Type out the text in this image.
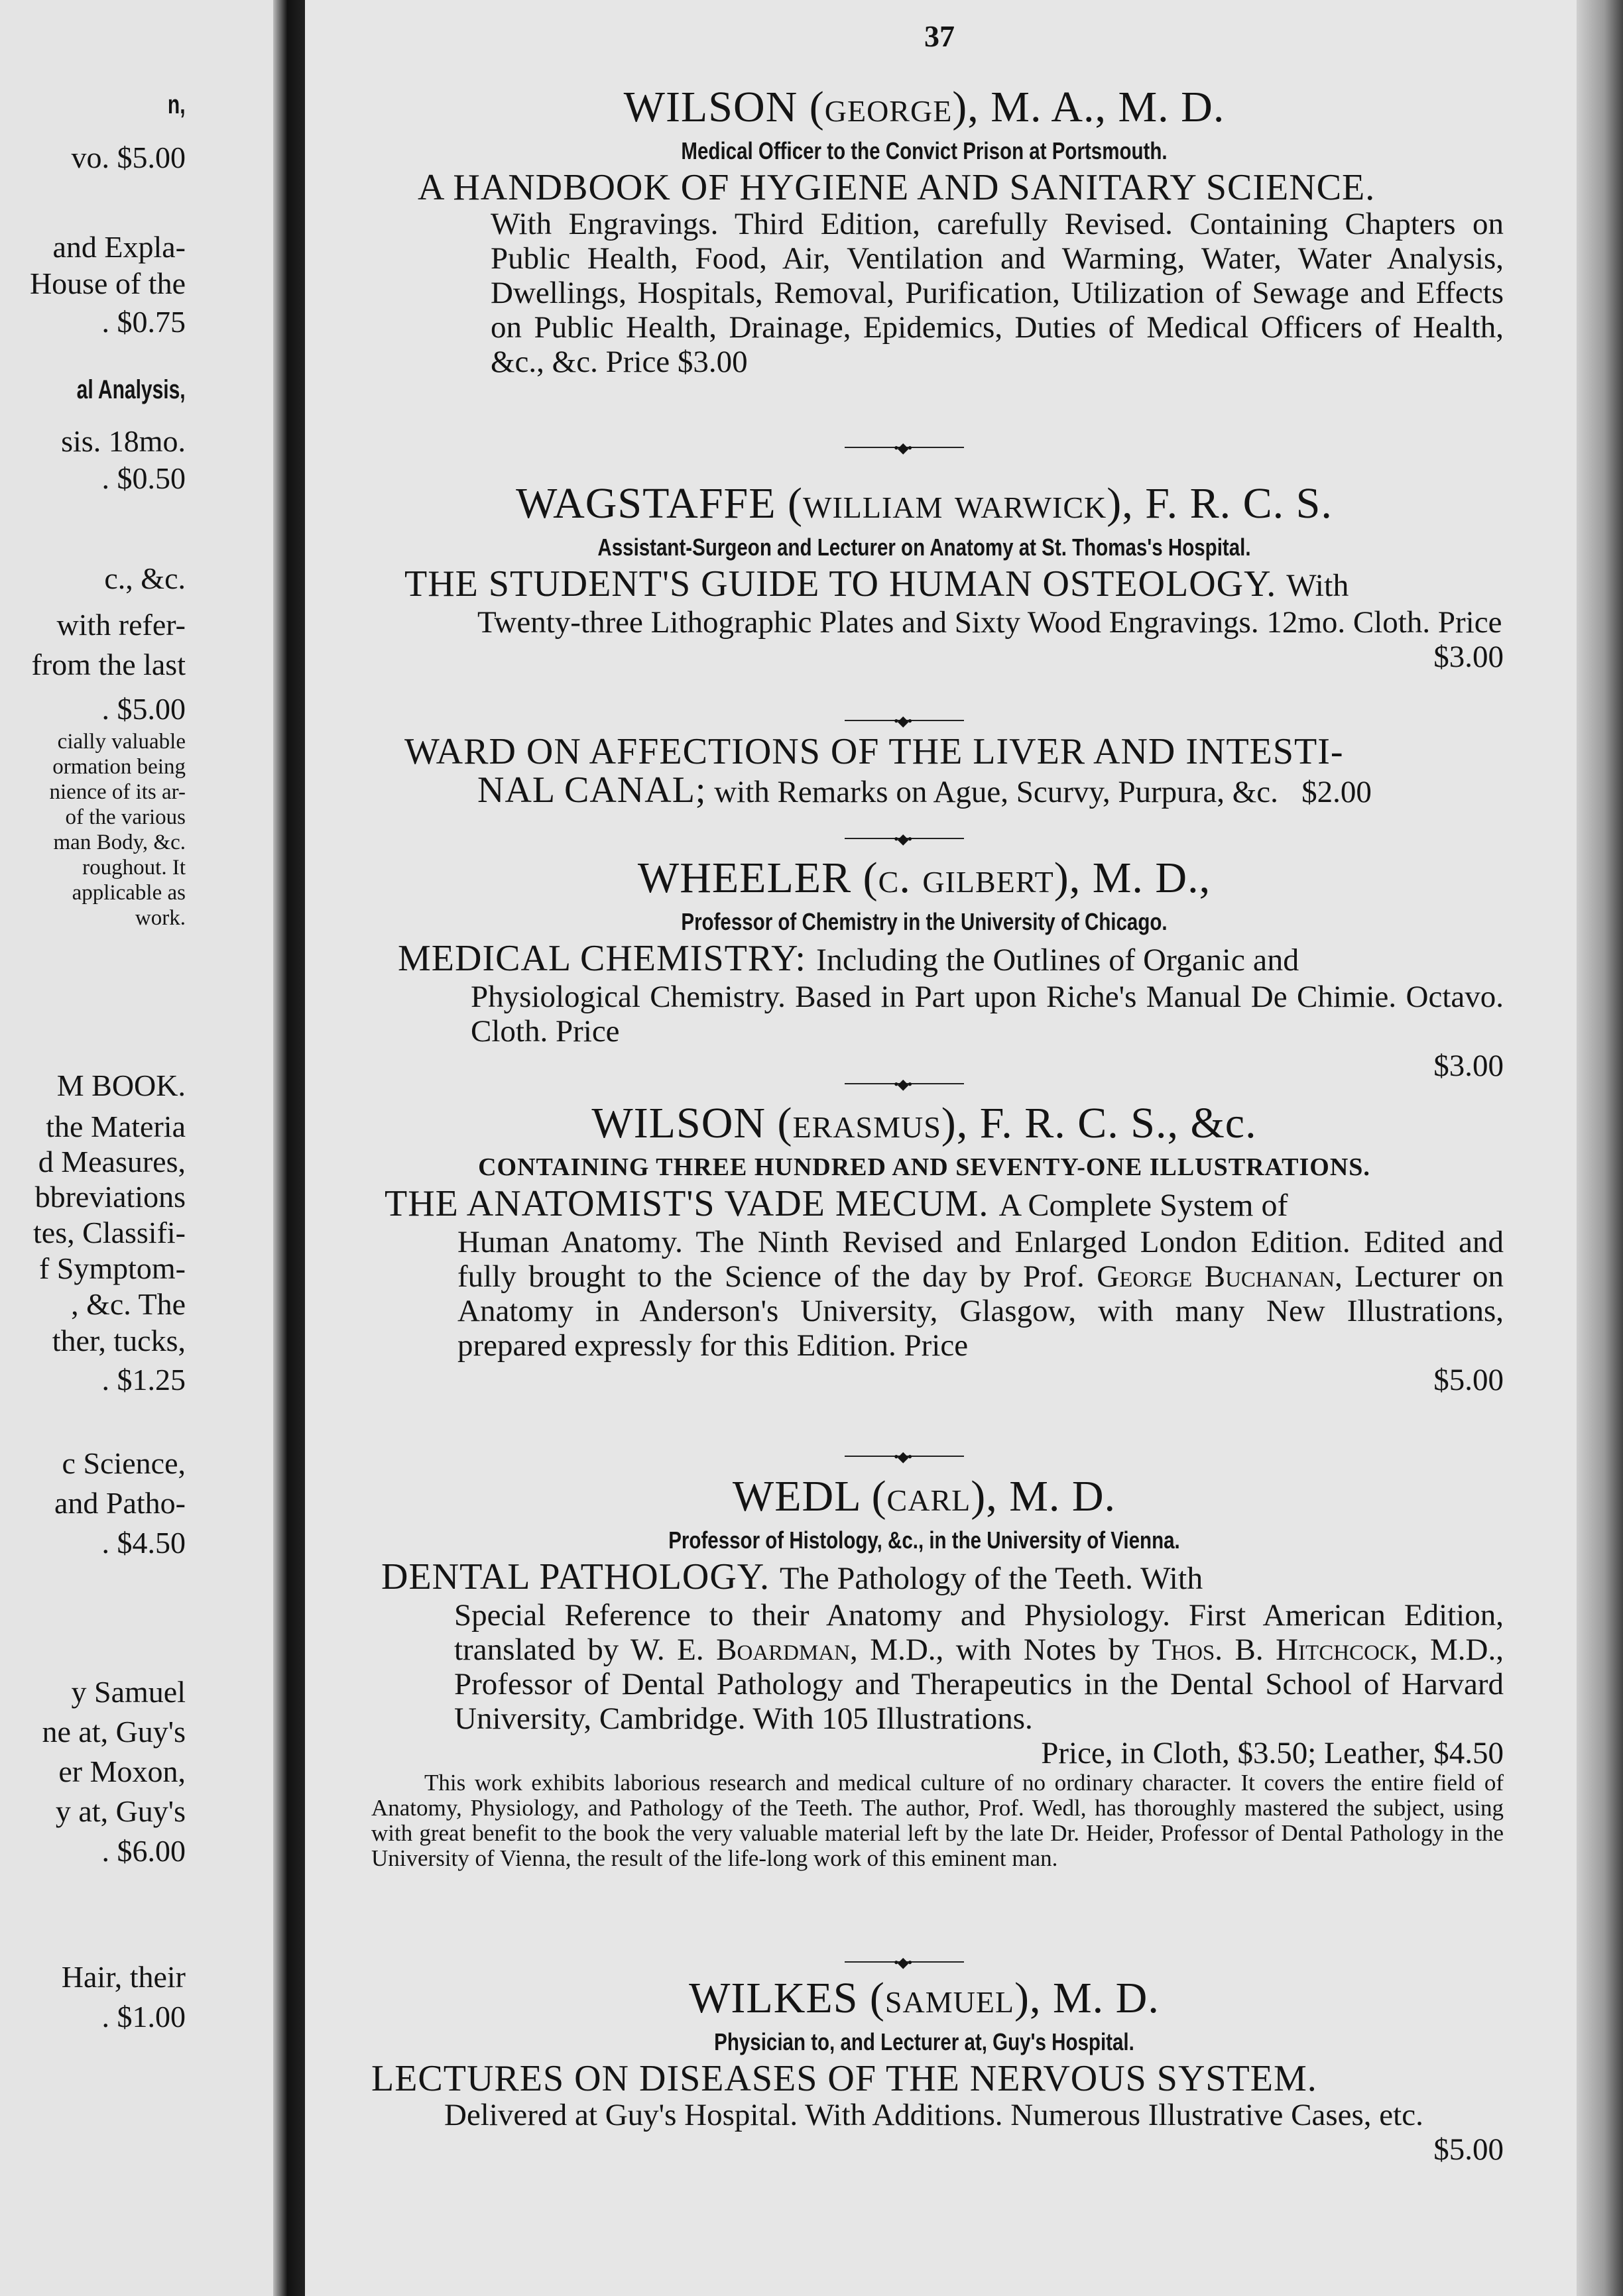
n,
vo. $5.00
and Expla-
House of the
. $0.75
al Analysis,
sis. 18mo.
. $0.50
c., &c.
with refer-
from the last
. $5.00
cially valuable
ormation being
nience of its ar-
of the various
man Body, &c.
roughout. It
applicable as
work.
M BOOK.
the Materia
d Measures,
bbreviations
tes, Classifi-
f Symptom-
, &c. The
ther, tucks,
. $1.25
c Science,
and Patho-
. $4.50
y Samuel
ne at, Guy's
er Moxon,
y at, Guy's
. $6.00
Hair, their
. $1.00
37
WILSON (george), M. A., M. D.
Medical Officer to the Convict Prison at Portsmouth.
A HANDBOOK OF HYGIENE AND SANITARY SCIENCE.
With Engravings. Third Edition, carefully Revised. Containing Chapters on Public Health, Food, Air, Ventilation and Warming, Water, Water Analysis, Dwellings, Hospitals, Removal, Purification, Utilization of Sewage and Effects on Public Health, Drainage, Epidemics, Duties of Medical Officers of Health, &c., &c. Price $3.00
•◆•
WAGSTAFFE (william warwick), F. R. C. S.
Assistant-Surgeon and Lecturer on Anatomy at St. Thomas's Hospital.
THE STUDENT'S GUIDE TO HUMAN OSTEOLOGY. With
Twenty-three Lithographic Plates and Sixty Wood Engravings. 12mo. Cloth. Price
$3.00
•◆•
WARD ON AFFECTIONS OF THE LIVER AND INTESTI-
NAL CANAL; with Remarks on Ague, Scurvy, Purpura, &c. $2.00
•◆•
WHEELER (c. gilbert), M. D.,
Professor of Chemistry in the University of Chicago.
MEDICAL CHEMISTRY: Including the Outlines of Organic and
Physiological Chemistry. Based in Part upon Riche's Manual De Chimie. Octavo. Cloth. Price
$3.00
•◆•
WILSON (erasmus), F. R. C. S., &c.
CONTAINING THREE HUNDRED AND SEVENTY-ONE ILLUSTRATIONS.
THE ANATOMIST'S VADE MECUM. A Complete System of
Human Anatomy. The Ninth Revised and Enlarged London Edition. Edited and fully brought to the Science of the day by Prof. George Buchanan, Lecturer on Anatomy in Anderson's University, Glasgow, with many New Illustrations, prepared expressly for this Edition. Price
$5.00
•◆•
WEDL (carl), M. D.
Professor of Histology, &c., in the University of Vienna.
DENTAL PATHOLOGY. The Pathology of the Teeth. With
Special Reference to their Anatomy and Physiology. First American Edition, translated by W. E. Boardman, M.D., with Notes by Thos. B. Hitchcock, M.D., Professor of Dental Pathology and Therapeutics in the Dental School of Harvard University, Cambridge. With 105 Illustrations.
Price, in Cloth, $3.50; Leather, $4.50
This work exhibits laborious research and medical culture of no ordinary character. It covers the entire field of Anatomy, Physiology, and Pathology of the Teeth. The author, Prof. Wedl, has thoroughly mastered the subject, using with great benefit to the book the very valuable material left by the late Dr. Heider, Professor of Dental Pathology in the University of Vienna, the result of the life-long work of this eminent man.
•◆•
WILKES (samuel), M. D.
Physician to, and Lecturer at, Guy's Hospital.
LECTURES ON DISEASES OF THE NERVOUS SYSTEM.
Delivered at Guy's Hospital. With Additions. Numerous Illustrative Cases, etc.
$5.00
